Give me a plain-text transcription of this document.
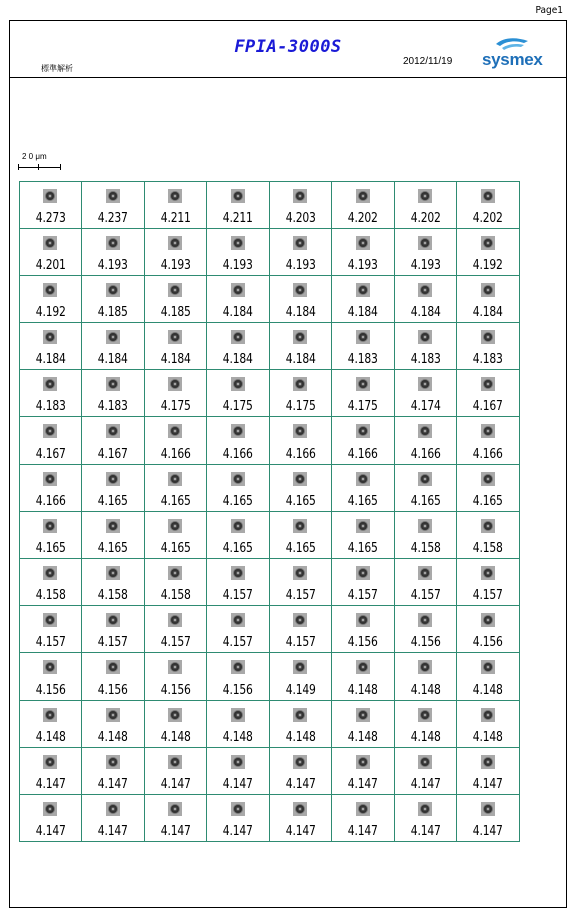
Page1
標準解析
FPIA-3000S
2012/11/19 sysmex
2 0 μm
4.273	4.237	4.211	4.211	4.203	4.202	4.202	4.202
4.201	4.193	4.193	4.193	4.193	4.193	4.193	4.192
4.192	4.185	4.185	4.184	4.184	4.184	4.184	4.184
4.184	4.184	4.184	4.184	4.184	4.183	4.183	4.183
4.183	4.183	4.175	4.175	4.175	4.175	4.174	4.167
4.167	4.167	4.166	4.166	4.166	4.166	4.166	4.166
4.166	4.165	4.165	4.165	4.165	4.165	4.165	4.165
4.165	4.165	4.165	4.165	4.165	4.165	4.158	4.158
4.158	4.158	4.158	4.157	4.157	4.157	4.157	4.157
4.157	4.157	4.157	4.157	4.157	4.156	4.156	4.156
4.156	4.156	4.156	4.156	4.149	4.148	4.148	4.148
4.148	4.148	4.148	4.148	4.148	4.148	4.148	4.148
4.147	4.147	4.147	4.147	4.147	4.147	4.147	4.147
4.147	4.147	4.147	4.147	4.147	4.147	4.147	4.147
